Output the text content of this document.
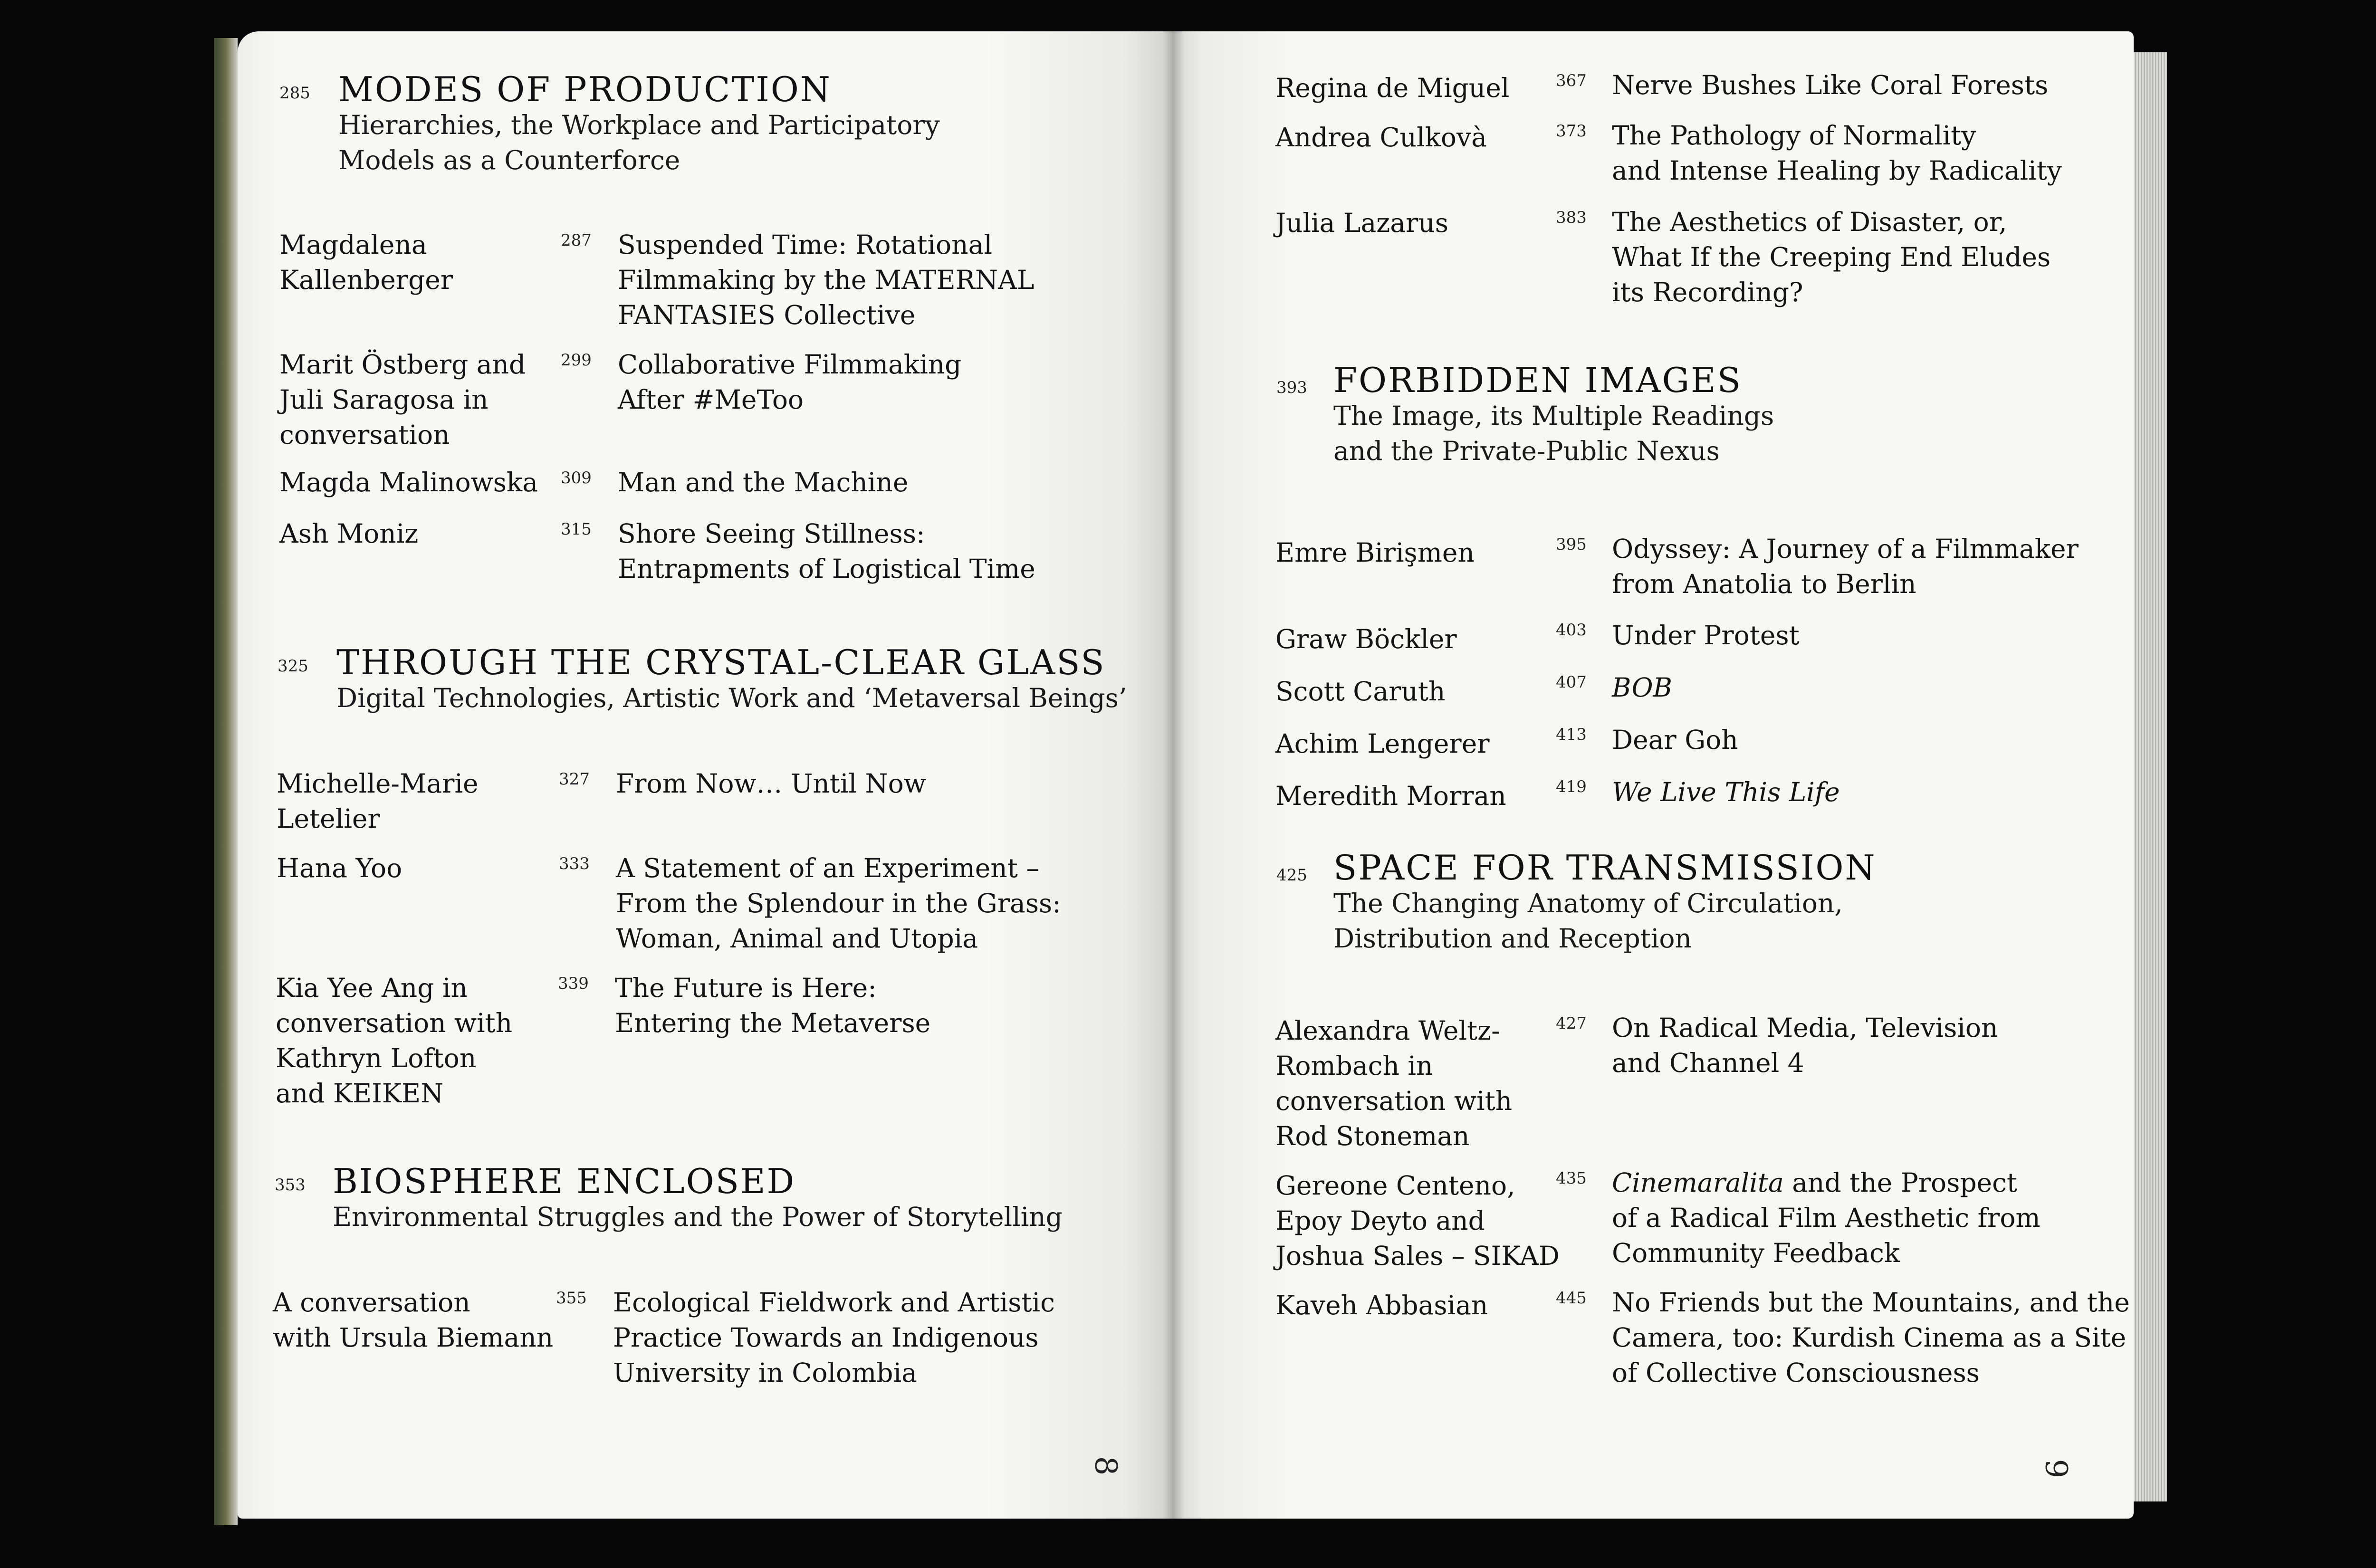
285 MODES OF PRODUCTION
Hierarchies, the Workplace and Participatory
Models as a Counterforce
Magdalena
Kallenberger
287 Suspended Time: Rotational
Filmmaking by the MATERNAL
FANTASIES Collective
Marit Östberg and
Juli Saragosa in
conversation
299 Collaborative Filmmaking
After #MeToo
Magda Malinowska 309 Man and the Machine
Ash Moniz	315 Shore Seeing Stillness:
Entrapments of Logistical Time
325 THROUGH THE CRYSTAL-CLEAR GLASS
Digital Technologies, Artistic Work and ‘Metaversal Beings’
Michelle-Marie
Letelier
327 From Now… Until Now
Hana Yoo	333 A Statement of an Experiment –
From the Splendour in the Grass:
Woman, Animal and Utopia
Kia Yee Ang in
conversation with
Kathryn Lofton
and KEIKEN
339 The Future is Here:
Entering the Metaverse
353 BIOSPHERE ENCLOSED
Environmental Struggles and the Power of Storytelling
A conversation
with Ursula Biemann
355 Ecological Fieldwork and Artistic
Practice Towards an Indigenous
University in Colombia
8
Regina de Miguel	367 Nerve Bushes Like Coral Forests
Andrea Culkovà	373 The Pathology of Normality
and Intense Healing by Radicality
Julia Lazarus	383 The Aesthetics of Disaster, or,
What If the Creeping End Eludes
its Recording?
393 FORBIDDEN IMAGES
The Image, its Multiple Readings
and the Private-Public Nexus
Emre Birişmen	395 Odyssey: A Journey of a Filmmaker
from Anatolia to Berlin
Graw Böckler	403 Under Protest
Scott Caruth	407 BOB
Achim Lengerer	413 Dear Goh
Meredith Morran	419 We Live This Life
425 SPACE FOR TRANSMISSION
The Changing Anatomy of Circulation,
Distribution and Reception
Alexandra Weltz-
Rombach in
conversation with
Rod Stoneman
427 On Radical Media, Television
and Channel 4
Gereone Centeno,
Epoy Deyto and
Joshua Sales – SIKAD
435 Cinemaralita and the Prospect
of a Radical Film Aesthetic from
Community Feedback
Kaveh Abbasian	445 No Friends but the Mountains, and the
Camera, too: Kurdish Cinema as a Site
of Collective Consciousness
9
